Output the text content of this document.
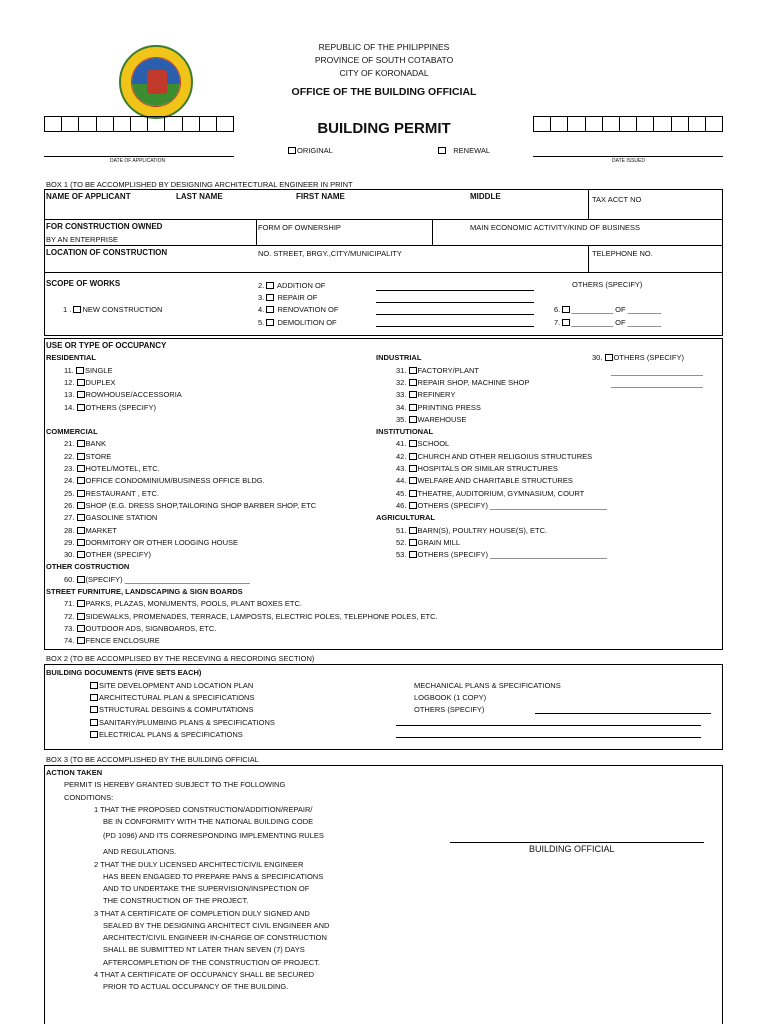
REPUBLIC OF THE PHILIPPINES
PROVINCE OF SOUTH COTABATO
CITY OF KORONADAL
OFFICE OF THE BUILDING OFFICIAL
BUILDING PERMIT
ORIGINAL	RENEWAL
DATE OF APPLICATION	DATE ISSUED
BOX 1 (TO BE ACCOMPLISHED BY DESIGNING ARCHITECTURAL ENGINEER IN PRINT
NAME OF APPLICANT	LAST NAME	FIRST NAME	MIDDLE	TAX ACCT NO
FOR CONSTRUCTION OWNED
BY AN ENTERPRISE
FORM OF OWNERSHIP	MAIN ECONOMIC ACTIVITY/KIND OF BUSINESS
LOCATION OF CONSTRUCTION	NO. STREET, BRGY.,CITY/MUNICIPALITY	TELEPHONE NO.
SCOPE OF WORKS
1 . NEW CONSTRUCTION
2. ADDITION OF
3. REPAIR OF
4. RENOVATION OF
5. DEMOLITION OF
OTHERS (SPECIFY)
6. __________ OF ________
7. __________ OF ________
USE OR TYPE OF OCCUPANCY
RESIDENTIAL	INDUSTRIAL	30. OTHERS (SPECIFY)
______________________
______________________
11. SINGLE
12. DUPLEX
13. ROWHOUSE/ACCESSORIA
14. OTHERS (SPECIFY)
31. FACTORY/PLANT
32. REPAIR SHOP, MACHINE SHOP
33. REFINERY
34. PRINTING PRESS
35. WAREHOUSE
COMMERCIAL	INSTITUTIONAL
21. BANK
22. STORE
23. HOTEL/MOTEL, ETC.
24. OFFICE CONDOMINIUM/BUSINESS OFFICE BLDG.
25. RESTAURANT , ETC.
26. SHOP (E.G. DRESS SHOP,TAILORING SHOP BARBER SHOP, ETC
27. GASOLINE STATION
28. MARKET
29. DORMITORY OR OTHER LODGING HOUSE
30. OTHER (SPECIFY)
41. SCHOOL
42. CHURCH AND OTHER RELIGOIUS STRUCTURES
43. HOSPITALS OR SIMILAR STRUCTURES
44. WELFARE AND CHARITABLE STRUCTURES
45. THEATRE, AUDITORIUM, GYMNASIUM, COURT
46. OTHERS (SPECIFY) ____________________________
AGRICULTURAL
51. BARN(S), POULTRY HOUSE(S), ETC.
52. GRAIN MILL
53. OTHERS (SPECIFY) ____________________________
OTHER COSTRUCTION
60. (SPECIFY) ______________________________
STREET FURNITURE, LANDSCAPING & SIGN BOARDS
71. PARKS, PLAZAS, MONUMENTS, POOLS, PLANT BOXES ETC.
72. SIDEWALKS, PROMENADES, TERRACE, LAMPOSTS, ELECTRIC POLES, TELEPHONE POLES, ETC.
73. OUTDOOR ADS, SIGNBOARDS, ETC.
74. FENCE ENCLOSURE
BOX 2 (TO BE ACCOMPLISED BY THE RECEVING & RECORDING SECTION)
BUILDING DOCUMENTS (FIVE SETS EACH)
SITE DEVELOPMENT AND LOCATION PLAN
ARCHITECTURAL PLAN & SPECIFICATIONS
STRUCTURAL DESGINS & COMPUTATIONS
SANITARY/PLUMBING PLANS & SPECIFICATIONS
ELECTRICAL PLANS & SPECIFICATIONS
MECHANICAL PLANS & SPECIFICATIONS
LOGBOOK (1 COPY)
OTHERS (SPECIFY)
BOX 3 (TO BE ACCOMPLISHED BY THE BUILDING OFFICIAL
ACTION TAKEN
PERMIT IS HEREBY GRANTED SUBJECT TO THE FOLLOWING
CONDITIONS:
1 THAT THE PROPOSED CONSTRUCTION/ADDITION/REPAIR/
BE IN CONFORMITY WITH THE NATIONAL BUILDING CODE
(PD 1096) AND ITS CORRESPONDING IMPLEMENTING RULES
AND REGULATIONS.
2 THAT THE DULY LICENSED ARCHITECT/CIVIL ENGINEER
HAS BEEN ENGAGED TO PREPARE PANS & SPECIFICATIONS
AND TO UNDERTAKE THE SUPERVISION/INSPECTION OF
THE CONSTRUCTION OF THE PROJECT.
3 THAT A CERTIFICATE OF COMPLETION DULY SIGNED AND
SEALED BY THE DESIGNING ARCHITECT CIVIL ENGINEER AND
ARCHITECT/CIVIL ENGINEER IN-CHARGE OF CONSTRUCTION
SHALL BE SUBMITTED NT LATER THAN SEVEN (7) DAYS
AFTERCOMPLETION OF THE CONSTRUCTION OF PROJECT.
4 THAT A CERTIFICATE OF OCCUPANCY SHALL BE SECURED
PRIOR TO ACTUAL OCCUPANCY OF THE BUILDING.
BUILDING OFFICIAL
